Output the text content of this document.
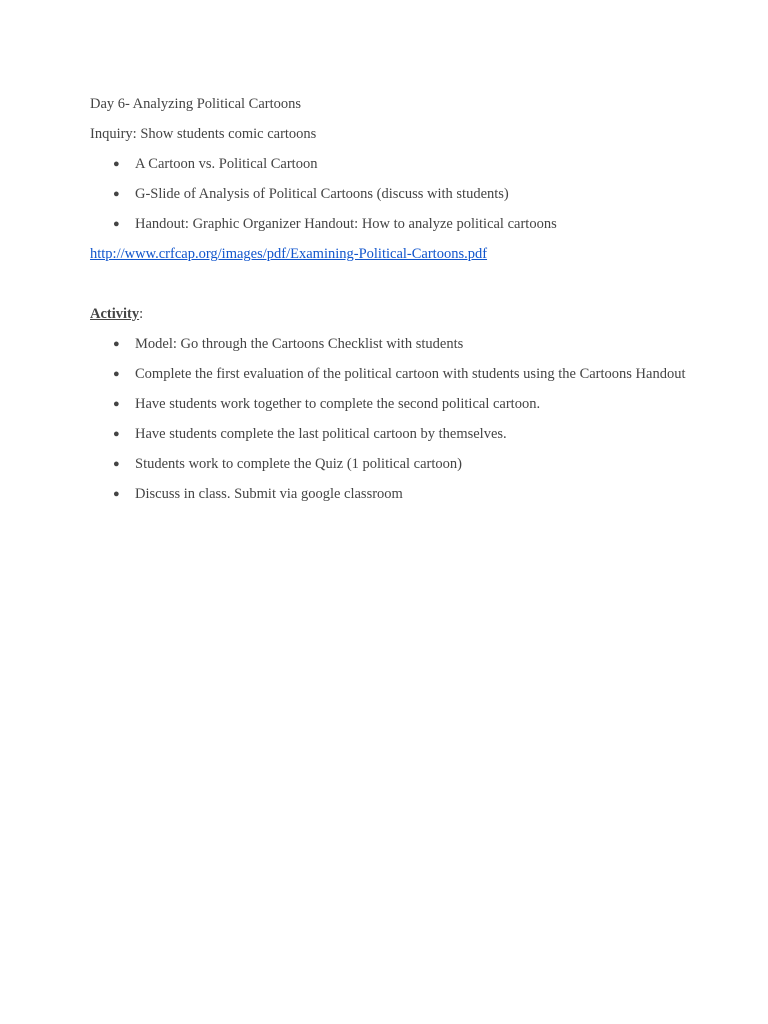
Day 6- Analyzing Political Cartoons
Inquiry: Show students comic cartoons
● A Cartoon vs. Political Cartoon
● G-Slide of Analysis of Political Cartoons (discuss with students)
● Handout: Graphic Organizer Handout: How to analyze political cartoons
http://www.crfcap.org/images/pdf/Examining-Political-Cartoons.pdf
Activity:
● Model: Go through the Cartoons Checklist with students
● Complete the first evaluation of the political cartoon with students using the Cartoons Handout
● Have students work together to complete the second political cartoon.
● Have students complete the last political cartoon by themselves.
● Students work to complete the Quiz (1 political cartoon)
● Discuss in class. Submit via google classroom
